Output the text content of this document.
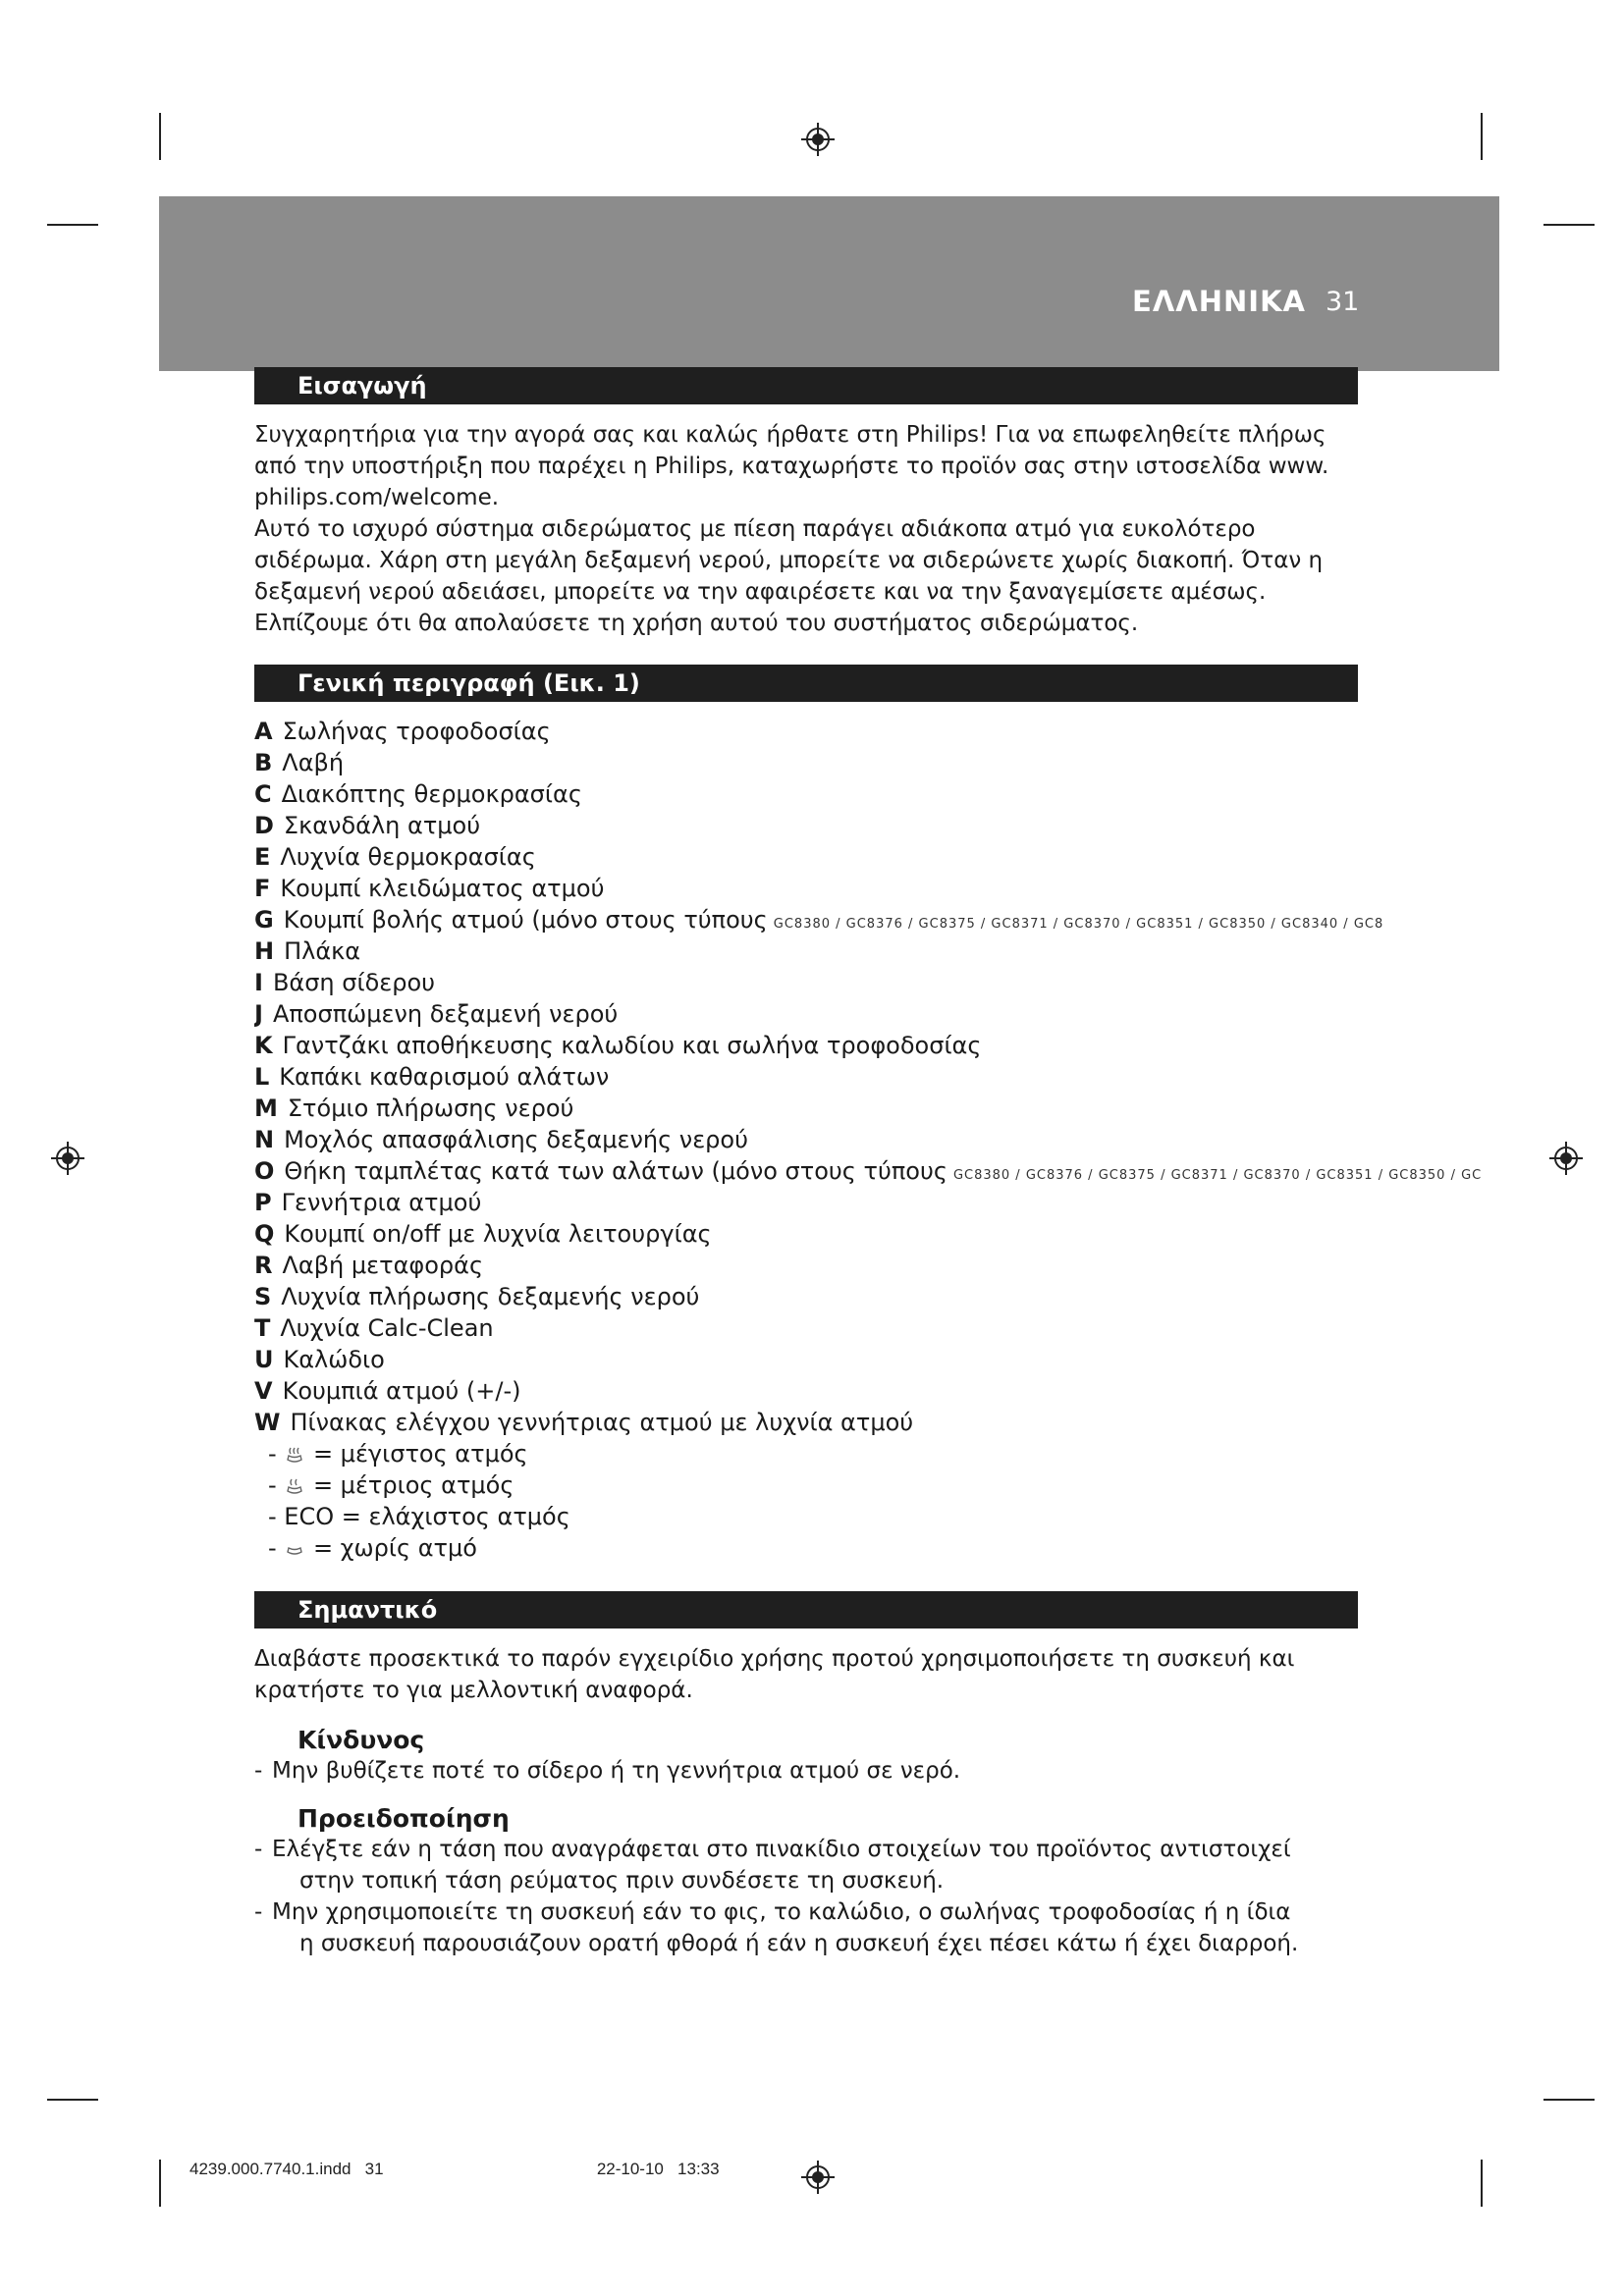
ΕΛΛΗΝΙΚΑ 31
Εισαγωγή
Συγχαρητήρια για την αγορά σας και καλώς ήρθατε στη Philips! Για να επωφεληθείτε πλήρως
από την υποστήριξη που παρέχει η Philips, καταχωρήστε το προϊόν σας στην ιστοσελίδα www.
philips.com/welcome.
Αυτό το ισχυρό σύστημα σιδερώματος με πίεση παράγει αδιάκοπα ατμό για ευκολότερο
σιδέρωμα. Χάρη στη μεγάλη δεξαμενή νερού, μπορείτε να σιδερώνετε χωρίς διακοπή. Όταν η
δεξαμενή νερού αδειάσει, μπορείτε να την αφαιρέσετε και να την ξαναγεμίσετε αμέσως.
Ελπίζουμε ότι θα απολαύσετε τη χρήση αυτού του συστήματος σιδερώματος.
Γενική περιγραφή (Εικ. 1)
A Σωλήνας τροφοδοσίας
B Λαβή
C Διακόπτης θερμοκρασίας
D Σκανδάλη ατμού
E Λυχνία θερμοκρασίας
F Κουμπί κλειδώματος ατμού
G Κουμπί βολής ατμού (μόνο στους τύπους GC8380 / GC8376 / GC8375 / GC8371 / GC8370 / GC8351 / GC8350 / GC8340 / GC8
H Πλάκα
I Βάση σίδερου
J Αποσπώμενη δεξαμενή νερού
K Γαντζάκι αποθήκευσης καλωδίου και σωλήνα τροφοδοσίας
L Καπάκι καθαρισμού αλάτων
M Στόμιο πλήρωσης νερού
N Μοχλός απασφάλισης δεξαμενής νερού
O Θήκη ταμπλέτας κατά των αλάτων (μόνο στους τύπους GC8380 / GC8376 / GC8375 / GC8371 / GC8370 / GC8351 / GC8350 / GC
P Γεννήτρια ατμού
Q Κουμπί on/off με λυχνία λειτουργίας
R Λαβή μεταφοράς
S Λυχνία πλήρωσης δεξαμενής νερού
T Λυχνία Calc-Clean
U Καλώδιο
V Κουμπιά ατμού (+/-)
W Πίνακας ελέγχου γεννήτριας ατμού με λυχνία ατμού
-  = μέγιστος ατμός
-  = μέτριος ατμός
- ECO = ελάχιστος ατμός
-  = χωρίς ατμό
Σημαντικό
Διαβάστε προσεκτικά το παρόν εγχειρίδιο χρήσης προτού χρησιμοποιήσετε τη συσκευή και
κρατήστε το για μελλοντική αναφορά.
Κίνδυνος
- Μην βυθίζετε ποτέ το σίδερο ή τη γεννήτρια ατμού σε νερό.
Προειδοποίηση
- Ελέγξτε εάν η τάση που αναγράφεται στο πινακίδιο στοιχείων του προϊόντος αντιστοιχεί
στην τοπική τάση ρεύματος πριν συνδέσετε τη συσκευή.
- Μην χρησιμοποιείτε τη συσκευή εάν το φις, το καλώδιο, ο σωλήνας τροφοδοσίας ή η ίδια
η συσκευή παρουσιάζουν ορατή φθορά ή εάν η συσκευή έχει πέσει κάτω ή έχει διαρροή.
4239.000.7740.1.indd   31                                              22-10-10   13:33
